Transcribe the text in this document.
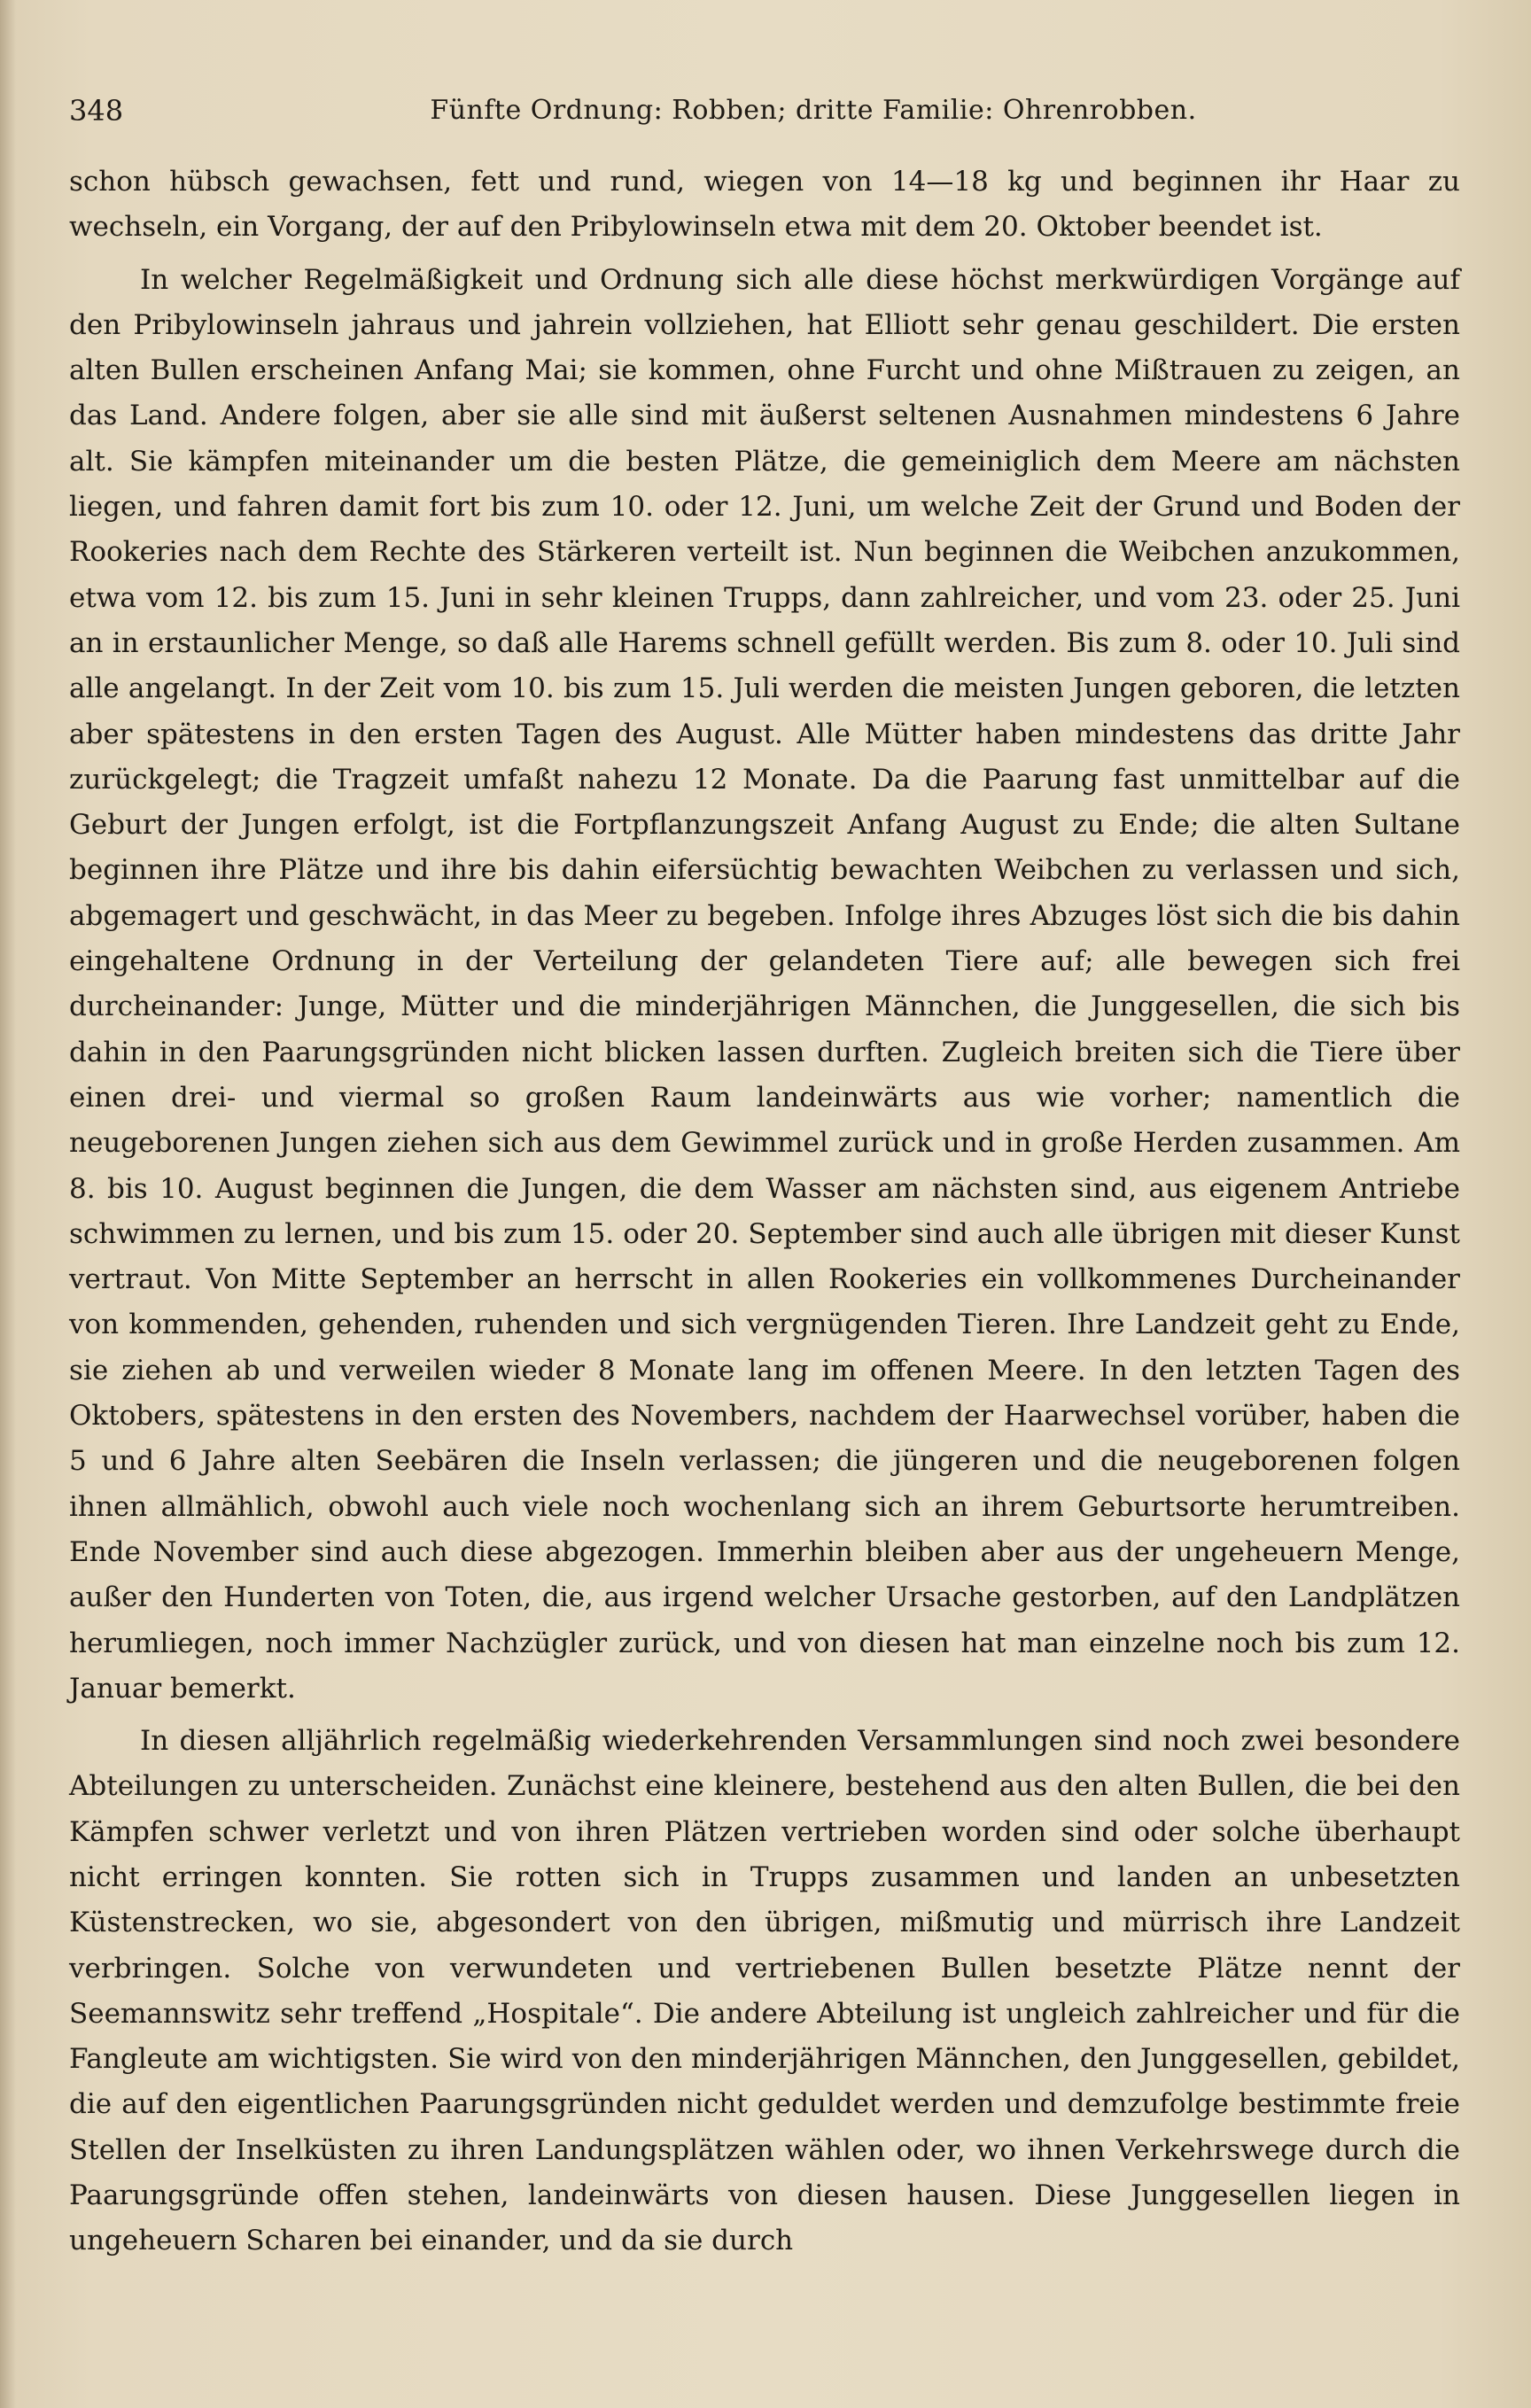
348	Fünfte Ordnung: Robben; dritte Familie: Ohrenrobben.

schon hübsch gewachsen, fett und rund, wiegen von 14—18 kg und beginnen ihr Haar zu wechseln, ein Vorgang, der auf den Pribylowinseln etwa mit dem 20. Oktober beendet ist.

In welcher Regelmäßigkeit und Ordnung sich alle diese höchst merkwürdigen Vorgänge auf den Pribylowinseln jahraus und jahrein vollziehen, hat Elliott sehr genau geschildert. Die ersten alten Bullen erscheinen Anfang Mai; sie kommen, ohne Furcht und ohne Mißtrauen zu zeigen, an das Land. Andere folgen, aber sie alle sind mit äußerst seltenen Ausnahmen mindestens 6 Jahre alt. Sie kämpfen miteinander um die besten Plätze, die gemeiniglich dem Meere am nächsten liegen, und fahren damit fort bis zum 10. oder 12. Juni, um welche Zeit der Grund und Boden der Rookeries nach dem Rechte des Stärkeren verteilt ist. Nun beginnen die Weibchen anzukommen, etwa vom 12. bis zum 15. Juni in sehr kleinen Trupps, dann zahlreicher, und vom 23. oder 25. Juni an in erstaunlicher Menge, so daß alle Harems schnell gefüllt werden. Bis zum 8. oder 10. Juli sind alle angelangt. In der Zeit vom 10. bis zum 15. Juli werden die meisten Jungen geboren, die letzten aber spätestens in den ersten Tagen des August. Alle Mütter haben mindestens das dritte Jahr zurückgelegt; die Tragzeit umfaßt nahezu 12 Monate. Da die Paarung fast unmittelbar auf die Geburt der Jungen erfolgt, ist die Fortpflanzungszeit Anfang August zu Ende; die alten Sultane beginnen ihre Plätze und ihre bis dahin eifersüchtig bewachten Weibchen zu verlassen und sich, abgemagert und geschwächt, in das Meer zu begeben. Infolge ihres Abzuges löst sich die bis dahin eingehaltene Ordnung in der Verteilung der gelandeten Tiere auf; alle bewegen sich frei durcheinander: Junge, Mütter und die minderjährigen Männchen, die Junggesellen, die sich bis dahin in den Paarungsgründen nicht blicken lassen durften. Zugleich breiten sich die Tiere über einen drei- und viermal so großen Raum landeinwärts aus wie vorher; namentlich die neugeborenen Jungen ziehen sich aus dem Gewimmel zurück und in große Herden zusammen. Am 8. bis 10. August beginnen die Jungen, die dem Wasser am nächsten sind, aus eigenem Antriebe schwimmen zu lernen, und bis zum 15. oder 20. September sind auch alle übrigen mit dieser Kunst vertraut. Von Mitte September an herrscht in allen Rookeries ein vollkommenes Durcheinander von kommenden, gehenden, ruhenden und sich vergnügenden Tieren. Ihre Landzeit geht zu Ende, sie ziehen ab und verweilen wieder 8 Monate lang im offenen Meere. In den letzten Tagen des Oktobers, spätestens in den ersten des Novembers, nachdem der Haarwechsel vorüber, haben die 5 und 6 Jahre alten Seebären die Inseln verlassen; die jüngeren und die neugeborenen folgen ihnen allmählich, obwohl auch viele noch wochenlang sich an ihrem Geburtsorte herumtreiben. Ende November sind auch diese abgezogen. Immerhin bleiben aber aus der ungeheuern Menge, außer den Hunderten von Toten, die, aus irgend welcher Ursache gestorben, auf den Landplätzen herumliegen, noch immer Nachzügler zurück, und von diesen hat man einzelne noch bis zum 12. Januar bemerkt.

In diesen alljährlich regelmäßig wiederkehrenden Versammlungen sind noch zwei besondere Abteilungen zu unterscheiden. Zunächst eine kleinere, bestehend aus den alten Bullen, die bei den Kämpfen schwer verletzt und von ihren Plätzen vertrieben worden sind oder solche überhaupt nicht erringen konnten. Sie rotten sich in Trupps zusammen und landen an unbesetzten Küstenstrecken, wo sie, abgesondert von den übrigen, mißmutig und mürrisch ihre Landzeit verbringen. Solche von verwundeten und vertriebenen Bullen besetzte Plätze nennt der Seemannswitz sehr treffend „Hospitale“. Die andere Abteilung ist ungleich zahlreicher und für die Fangleute am wichtigsten. Sie wird von den minderjährigen Männchen, den Junggesellen, gebildet, die auf den eigentlichen Paarungsgründen nicht geduldet werden und demzufolge bestimmte freie Stellen der Inselküsten zu ihren Landungsplätzen wählen oder, wo ihnen Verkehrswege durch die Paarungsgründe offen stehen, landeinwärts von diesen hausen. Diese Junggesellen liegen in ungeheuern Scharen bei einander, und da sie durch
